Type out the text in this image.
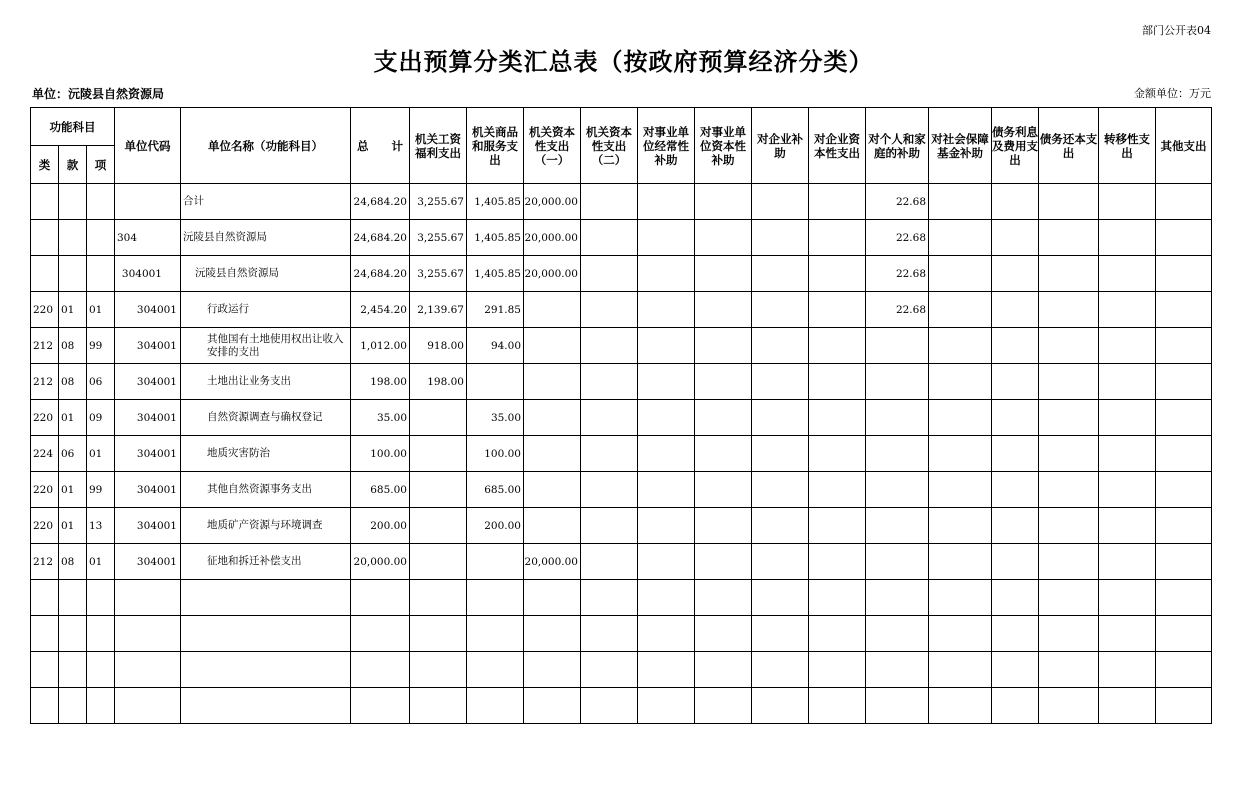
部门公开表04
支出预算分类汇总表（按政府预算经济分类）
单位：沅陵县自然资源局	金额单位：万元
功能科目			单位代码	单位名称（功能科目）	总　　计	机关工资福利支出	机关商品和服务支出	机关资本性支出（一）	机关资本性支出（二）	对事业单位经常性补助	对事业单位资本性补助	对企业补助	对企业资本性支出	对个人和家庭的补助	对社会保障基金补助	债务利息及费用支出	债务还本支出	转移性支出	其他支出
类	款	项																	
				合计	24,684.20	3,255.67	1,405.85	20,000.00						22.68					
			304	沅陵县自然资源局	24,684.20	3,255.67	1,405.85	20,000.00						22.68					
			304001	沅陵县自然资源局	24,684.20	3,255.67	1,405.85	20,000.00						22.68					
220	01	01	304001	行政运行	2,454.20	2,139.67	291.85							22.68					
212	08	99	304001	其他国有土地使用权出让收入安排的支出	1,012.00	918.00	94.00												
212	08	06	304001	土地出让业务支出	198.00	198.00													
220	01	09	304001	自然资源调查与确权登记	35.00		35.00												
224	06	01	304001	地质灾害防治	100.00		100.00												
220	01	99	304001	其他自然资源事务支出	685.00		685.00												
220	01	13	304001	地质矿产资源与环境调查	200.00		200.00												
212	08	01	304001	征地和拆迁补偿支出	20,000.00			20,000.00											
